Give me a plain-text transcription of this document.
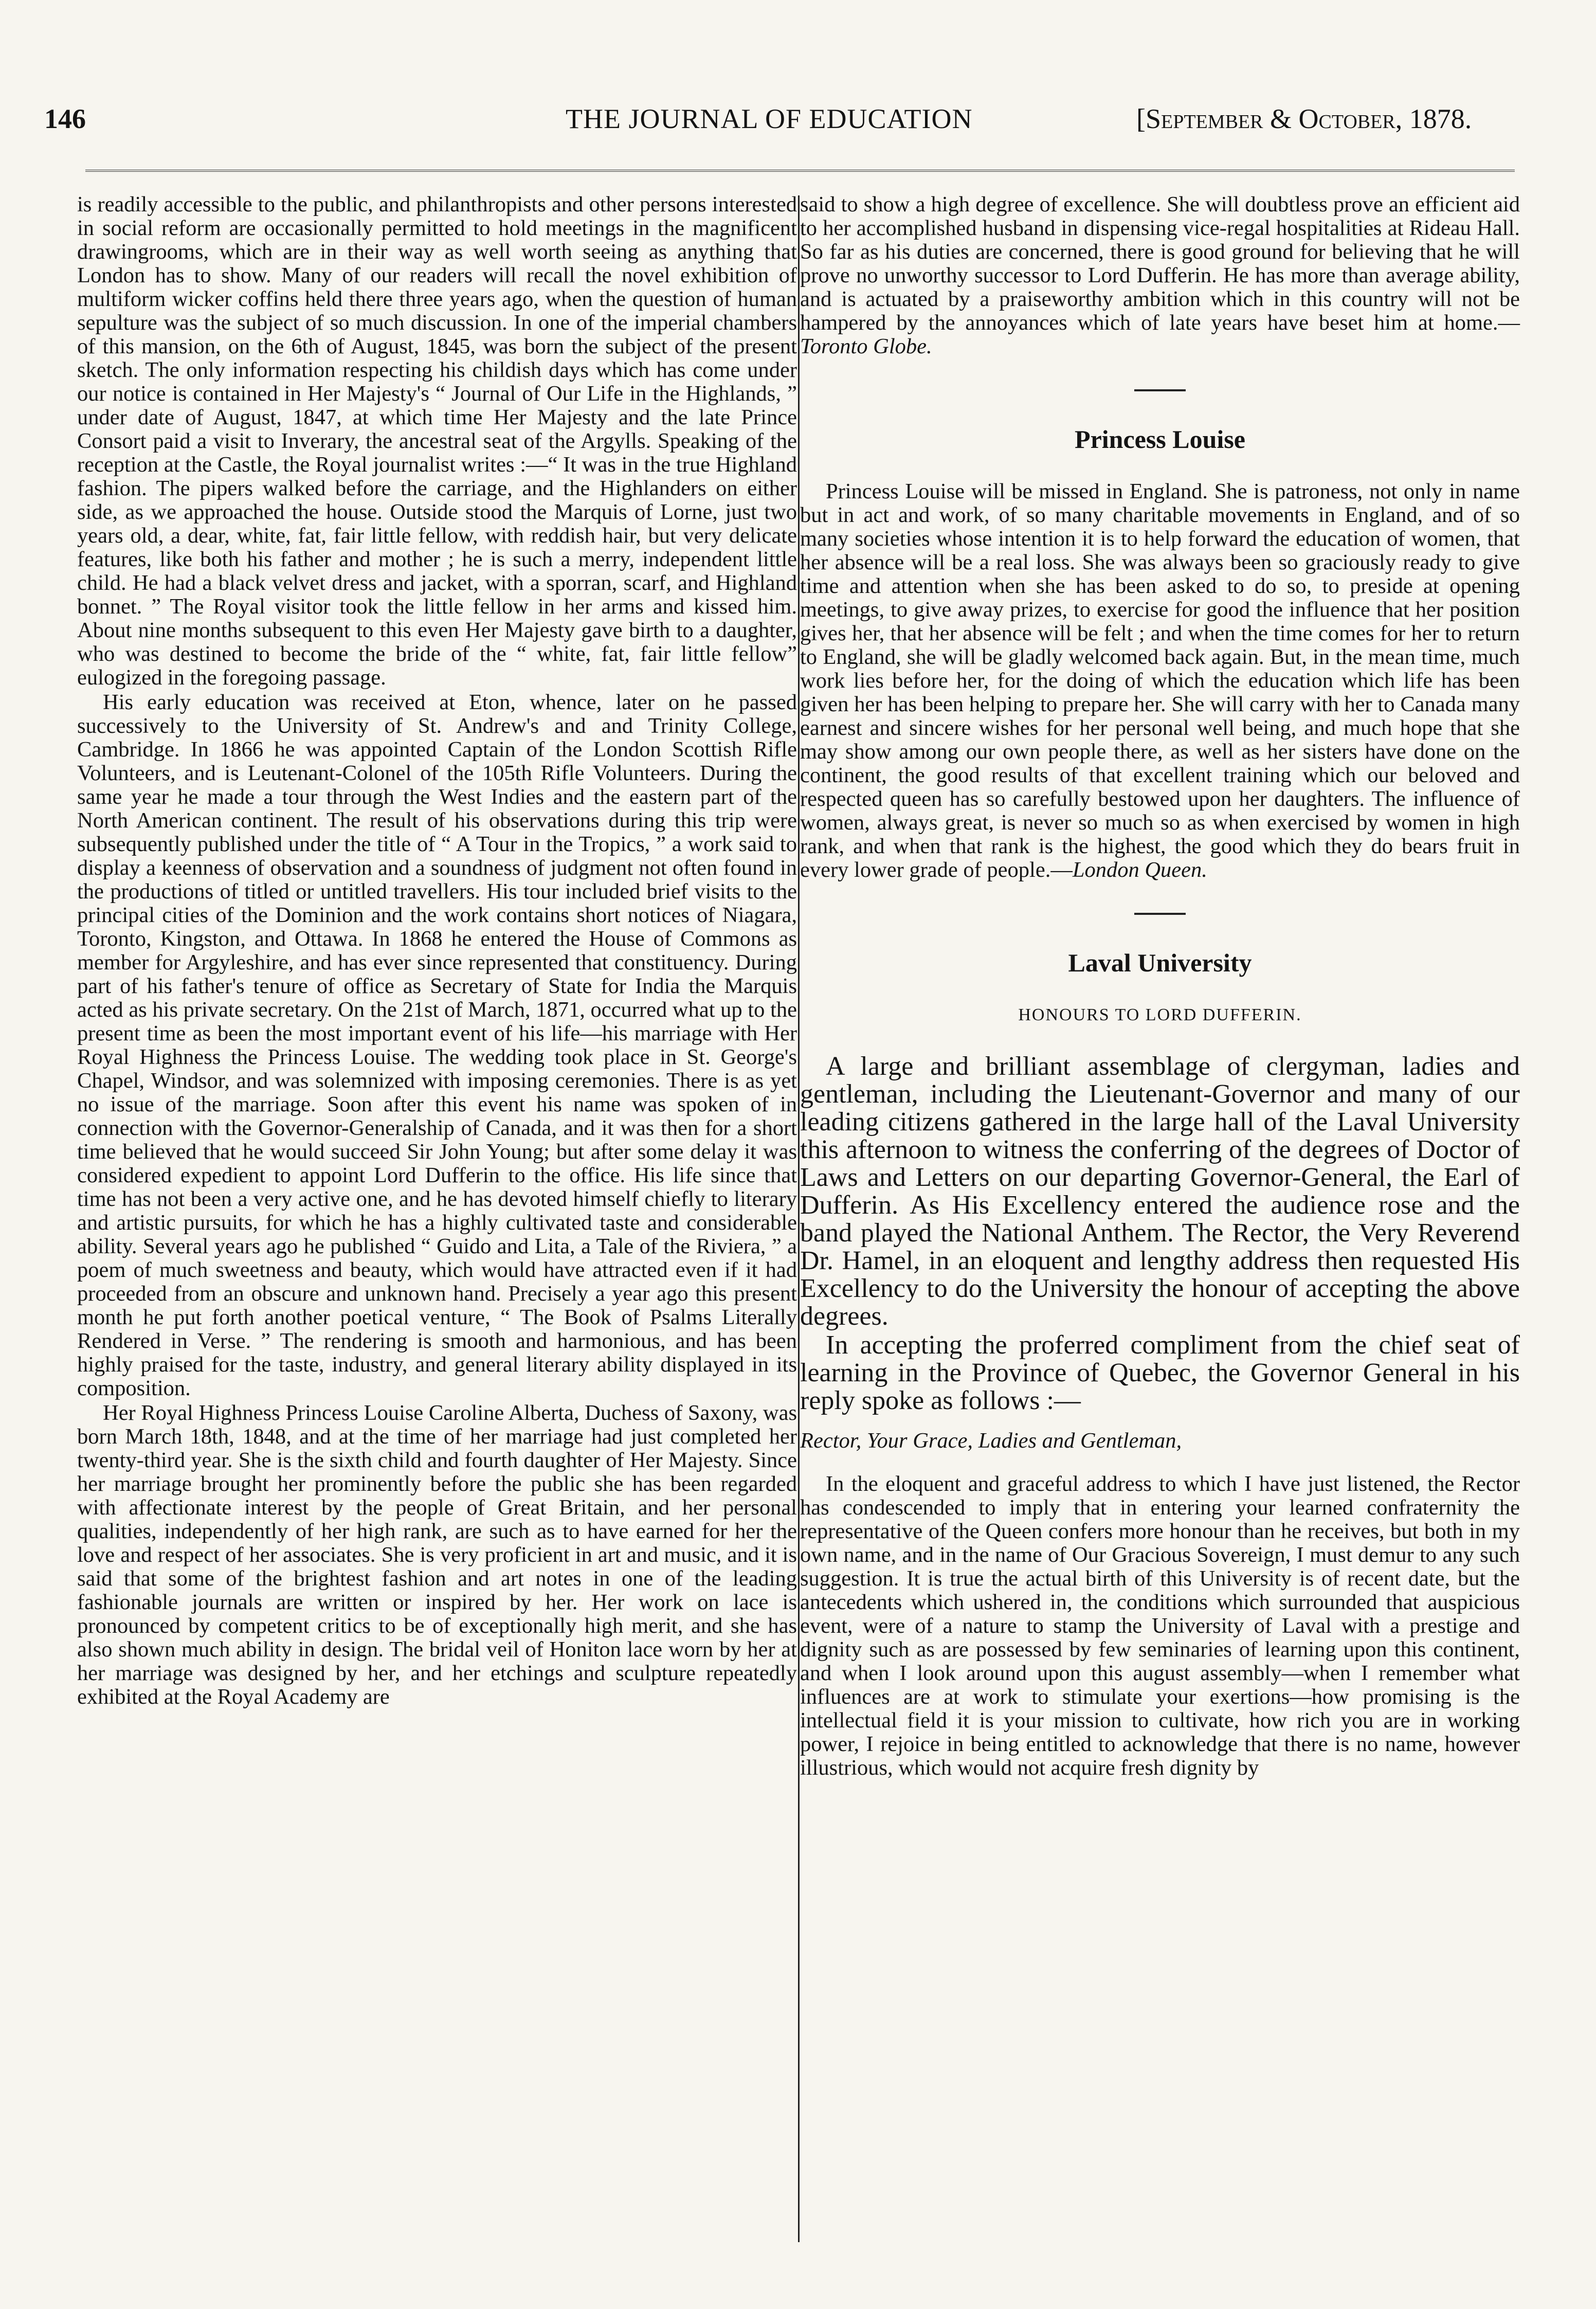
146	THE JOURNAL OF EDUCATION	[September & October, 1878.

is readily accessible to the public, and philanthropists and other persons interested in social reform are occasionally permitted to hold meetings in the magnificent drawingrooms, which are in their way as well worth seeing as anything that London has to show. Many of our readers will recall the novel exhibition of multiform wicker coffins held there three years ago, when the question of human sepulture was the subject of so much discussion. In one of the imperial chambers of this mansion, on the 6th of August, 1845, was born the subject of the present sketch. The only information respecting his childish days which has come under our notice is contained in Her Majesty's “ Journal of Our Life in the Highlands, ” under date of August, 1847, at which time Her Majesty and the late Prince Consort paid a visit to Inverary, the ancestral seat of the Argylls. Speaking of the reception at the Castle, the Royal journalist writes :—“ It was in the true Highland fashion. The pipers walked before the carriage, and the Highlanders on either side, as we approached the house. Outside stood the Marquis of Lorne, just two years old, a dear, white, fat, fair little fellow, with reddish hair, but very delicate features, like both his father and mother ; he is such a merry, independent little child. He had a black velvet dress and jacket, with a sporran, scarf, and Highland bonnet. ” The Royal visitor took the little fellow in her arms and kissed him. About nine months subsequent to this even Her Majesty gave birth to a daughter, who was destined to become the bride of the “ white, fat, fair little fellow” eulogized in the foregoing passage.

His early education was received at Eton, whence, later on he passed successively to the University of St. Andrew's and and Trinity College, Cambridge. In 1866 he was appointed Captain of the London Scottish Rifle Volunteers, and is Leutenant-Colonel of the 105th Rifle Volunteers. During the same year he made a tour through the West Indies and the eastern part of the North American continent. The result of his observations during this trip were subsequently published under the title of “ A Tour in the Tropics, ” a work said to display a keenness of observation and a soundness of judgment not often found in the productions of titled or untitled travellers. His tour included brief visits to the principal cities of the Dominion and the work contains short notices of Niagara, Toronto, Kingston, and Ottawa. In 1868 he entered the House of Commons as member for Argyleshire, and has ever since represented that constituency. During part of his father's tenure of office as Secretary of State for India the Marquis acted as his private secretary. On the 21st of March, 1871, occurred what up to the present time as been the most important event of his life—his marriage with Her Royal Highness the Princess Louise. The wedding took place in St. George's Chapel, Windsor, and was solemnized with imposing ceremonies. There is as yet no issue of the marriage. Soon after this event his name was spoken of in connection with the Governor-Generalship of Canada, and it was then for a short time believed that he would succeed Sir John Young; but after some delay it was considered expedient to appoint Lord Dufferin to the office. His life since that time has not been a very active one, and he has devoted himself chiefly to literary and artistic pursuits, for which he has a highly cultivated taste and considerable ability. Several years ago he published “ Guido and Lita, a Tale of the Riviera, ” a poem of much sweetness and beauty, which would have attracted even if it had proceeded from an obscure and unknown hand. Precisely a year ago this present month he put forth another poetical venture, “ The Book of Psalms Literally Rendered in Verse. ” The rendering is smooth and harmonious, and has been highly praised for the taste, industry, and general literary ability displayed in its composition.

Her Royal Highness Princess Louise Caroline Alberta, Duchess of Saxony, was born March 18th, 1848, and at the time of her marriage had just completed her twenty-third year. She is the sixth child and fourth daughter of Her Majesty. Since her marriage brought her prominently before the public she has been regarded with affectionate interest by the people of Great Britain, and her personal qualities, independently of her high rank, are such as to have earned for her the love and respect of her associates. She is very proficient in art and music, and it is said that some of the brightest fashion and art notes in one of the leading fashionable journals are written or inspired by her. Her work on lace is pronounced by competent critics to be of exceptionally high merit, and she has also shown much ability in design. The bridal veil of Honiton lace worn by her at her marriage was designed by her, and her etchings and sculpture repeatedly exhibited at the Royal Academy are

said to show a high degree of excellence. She will doubtless prove an efficient aid to her accomplished husband in dispensing vice-regal hospitalities at Rideau Hall. So far as his duties are concerned, there is good ground for believing that he will prove no unworthy successor to Lord Dufferin. He has more than average ability, and is actuated by a praiseworthy ambition which in this country will not be hampered by the annoyances which of late years have beset him at home.—Toronto Globe.

Princess Louise

Princess Louise will be missed in England. She is patroness, not only in name but in act and work, of so many charitable movements in England, and of so many societies whose intention it is to help forward the education of women, that her absence will be a real loss. She was always been so graciously ready to give time and attention when she has been asked to do so, to preside at opening meetings, to give away prizes, to exercise for good the influence that her position gives her, that her absence will be felt ; and when the time comes for her to return to England, she will be gladly welcomed back again. But, in the mean time, much work lies before her, for the doing of which the education which life has been given her has been helping to prepare her. She will carry with her to Canada many earnest and sincere wishes for her personal well being, and much hope that she may show among our own people there, as well as her sisters have done on the continent, the good results of that excellent training which our beloved and respected queen has so carefully bestowed upon her daughters. The influence of women, always great, is never so much so as when exercised by women in high rank, and when that rank is the highest, the good which they do bears fruit in every lower grade of people.—London Queen.

Laval University
HONOURS TO LORD DUFFERIN.

A large and brilliant assemblage of clergyman, ladies and gentleman, including the Lieutenant-Governor and many of our leading citizens gathered in the large hall of the Laval University this afternoon to witness the conferring of the degrees of Doctor of Laws and Letters on our departing Governor-General, the Earl of Dufferin. As His Excellency entered the audience rose and the band played the National Anthem. The Rector, the Very Reverend Dr. Hamel, in an eloquent and lengthy address then requested His Excellency to do the University the honour of accepting the above degrees.

In accepting the proferred compliment from the chief seat of learning in the Province of Quebec, the Governor General in his reply spoke as follows :—

Rector, Your Grace, Ladies and Gentleman,

In the eloquent and graceful address to which I have just listened, the Rector has condescended to imply that in entering your learned confraternity the representative of the Queen confers more honour than he receives, but both in my own name, and in the name of Our Gracious Sovereign, I must demur to any such suggestion. It is true the actual birth of this University is of recent date, but the antecedents which ushered in, the conditions which surrounded that auspicious event, were of a nature to stamp the University of Laval with a prestige and dignity such as are possessed by few seminaries of learning upon this continent, and when I look around upon this august assembly—when I remember what influences are at work to stimulate your exertions—how promising is the intellectual field it is your mission to cultivate, how rich you are in working power, I rejoice in being entitled to acknowledge that there is no name, however illustrious, which would not acquire fresh dignity by
